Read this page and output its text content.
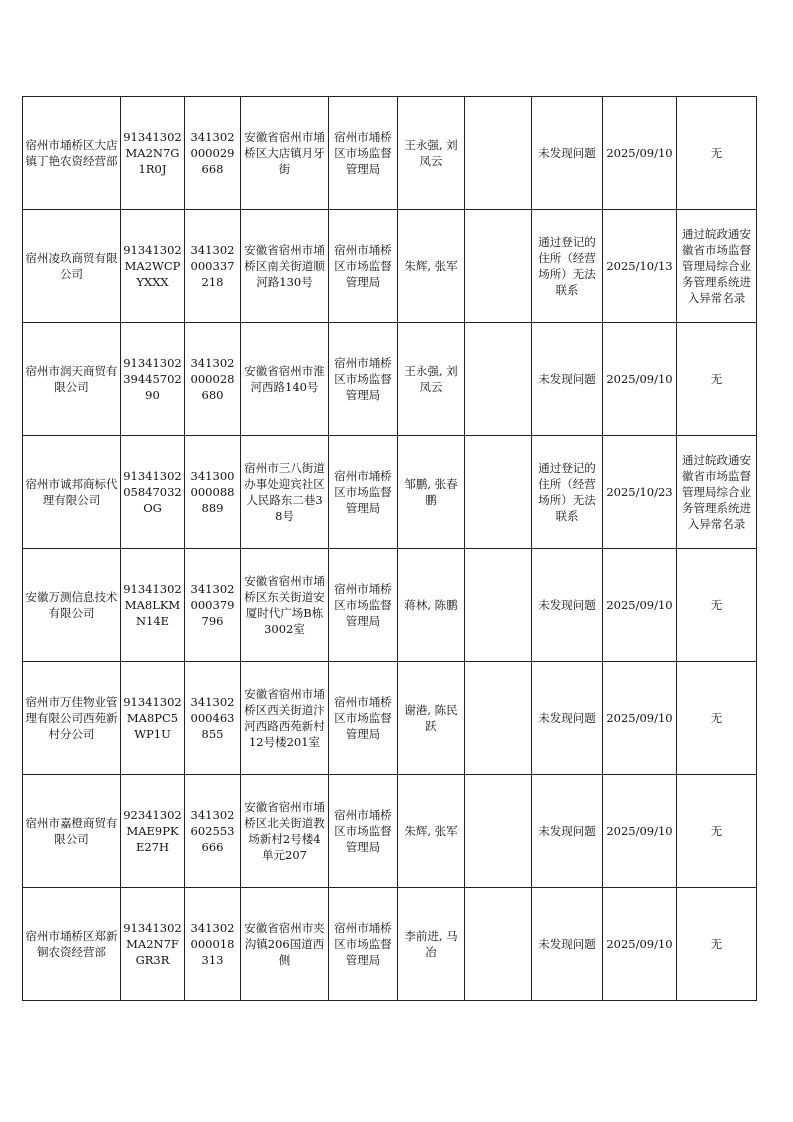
宿州市埇桥区大店镇丁艳农资经营部	91341302MA2N7G1R0J	341302000029668	安徽省宿州市埇桥区大店镇月牙街	宿州市埇桥区市场监督管理局	王永强, 刘凤云		未发现问题	2025/09/10	无
宿州凌玖商贸有限公司	91341302MA2WCPYXXX	341302000337218	安徽省宿州市埇桥区南关街道顺河路130号	宿州市埇桥区市场监督管理局	朱辉, 张军		通过登记的住所（经营场所）无法联系	2025/10/13	通过皖政通安徽省市场监督管理局综合业务管理系统进入异常名录
宿州市润天商贸有限公司	913413023944570290	341302000028680	安徽省宿州市淮河西路140号	宿州市埇桥区市场监督管理局	王永强, 刘凤云		未发现问题	2025/09/10	无
宿州市诚邦商标代理有限公司	9134130205847032OG	341300000088889	宿州市三八街道办事处迎宾社区人民路东二巷38号	宿州市埇桥区市场监督管理局	邹鹏, 张春鹏		通过登记的住所（经营场所）无法联系	2025/10/23	通过皖政通安徽省市场监督管理局综合业务管理系统进入异常名录
安徽万测信息技术有限公司	91341302MA8LKMN14E	341302000379796	安徽省宿州市埇桥区东关街道安厦时代广场B栋3002室	宿州市埇桥区市场监督管理局	蒋林, 陈鹏		未发现问题	2025/09/10	无
宿州市万佳物业管理有限公司西苑新村分公司	91341302MA8PC5WP1U	341302000463855	安徽省宿州市埇桥区西关街道汴河西路西苑新村12号楼201室	宿州市埇桥区市场监督管理局	谢港, 陈民跃		未发现问题	2025/09/10	无
宿州市嘉橙商贸有限公司	92341302MAE9PKE27H	341302602553666	安徽省宿州市埇桥区北关街道教场新村2号楼4单元207	宿州市埇桥区市场监督管理局	朱辉, 张军		未发现问题	2025/09/10	无
宿州市埇桥区郑新铜农资经营部	91341302MA2N7FGR3R	341302000018313	安徽省宿州市夹沟镇206国道西侧	宿州市埇桥区市场监督管理局	李前进, 马冶		未发现问题	2025/09/10	无
